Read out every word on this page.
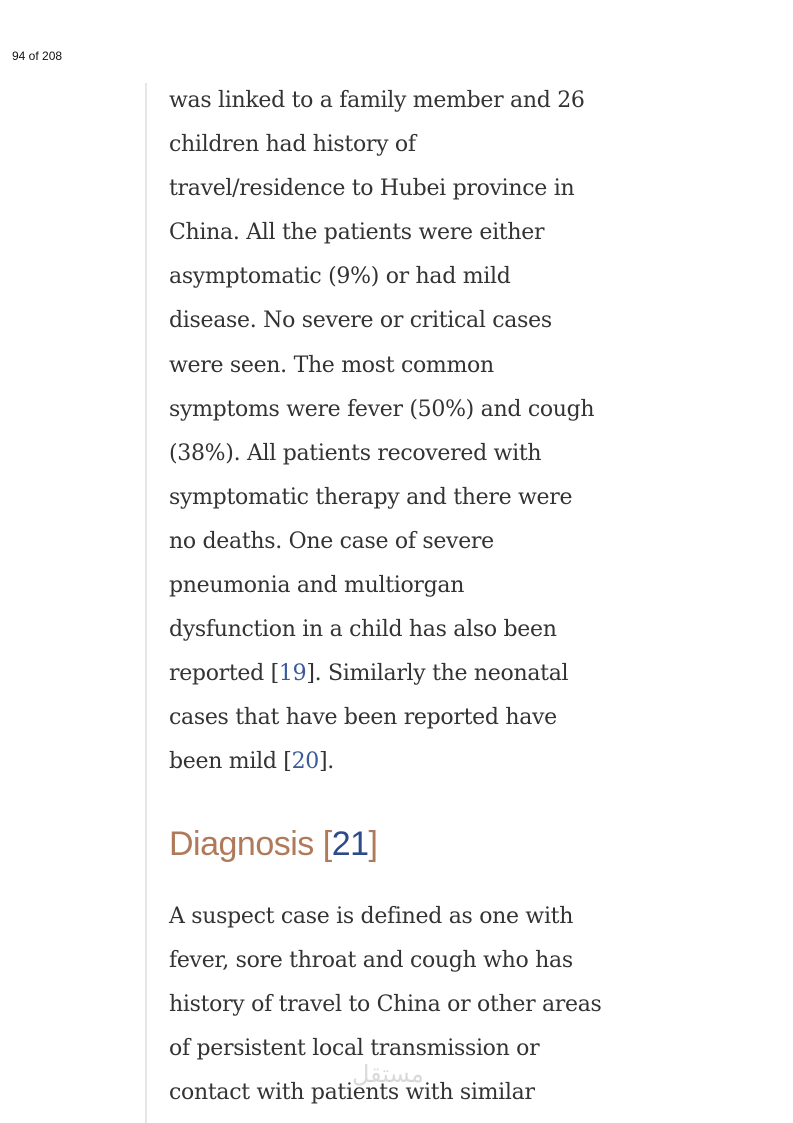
94 of 208

was linked to a family member and 26
children had history of
travel/residence to Hubei province in
China. All the patients were either
asymptomatic (9%) or had mild
disease. No severe or critical cases
were seen. The most common
symptoms were fever (50%) and cough
(38%). All patients recovered with
symptomatic therapy and there were
no deaths. One case of severe
pneumonia and multiorgan
dysfunction in a child has also been
reported [19]. Similarly the neonatal
cases that have been reported have
been mild [20].

Diagnosis [21]

A suspect case is defined as one with
fever, sore throat and cough who has
history of travel to China or other areas
of persistent local transmission or
contact with patients with similar

مستقل
